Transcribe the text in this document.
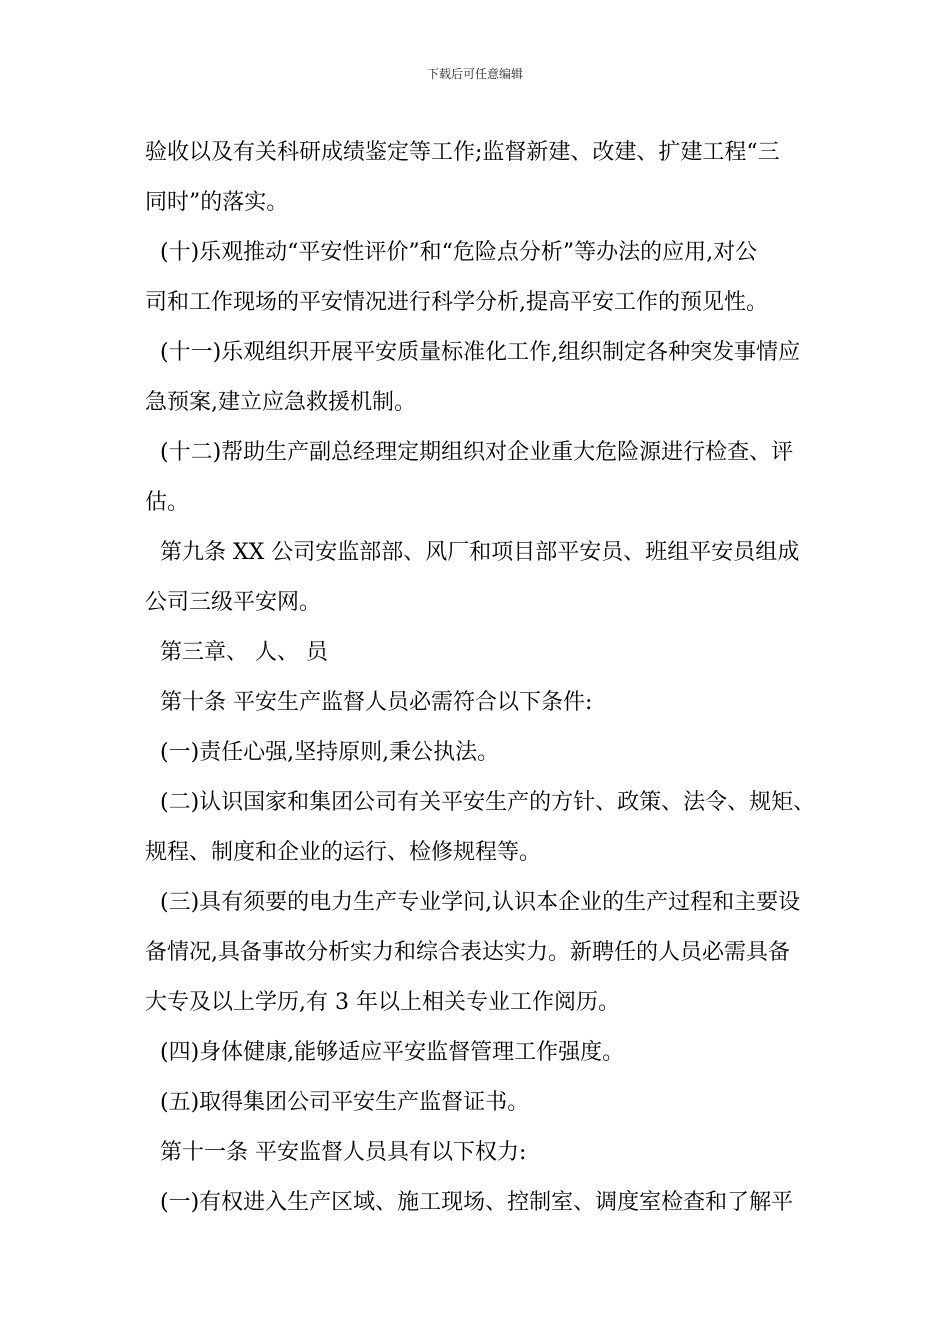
下载后可任意编辑
验收以及有关科研成绩鉴定等工作;监督新建、改建、扩建工程“三
同时”的落实。
(十)乐观推动“平安性评价”和“危险点分析”等办法的应用,对公
司和工作现场的平安情况进行科学分析,提高平安工作的预见性。
(十一)乐观组织开展平安质量标准化工作,组织制定各种突发事情应
急预案,建立应急救援机制。
(十二)帮助生产副总经理定期组织对企业重大危险源进行检查、评
估。
第九条 XX 公司安监部部、风厂和项目部平安员、班组平安员组成
公司三级平安网。
第三章、 人、 员
第十条 平安生产监督人员必需符合以下条件:
(一)责任心强,坚持原则,秉公执法。
(二)认识国家和集团公司有关平安生产的方针、政策、法令、规矩、
规程、制度和企业的运行、检修规程等。
(三)具有须要的电力生产专业学问,认识本企业的生产过程和主要设
备情况,具备事故分析实力和综合表达实力。新聘任的人员必需具备
大专及以上学历,有 3 年以上相关专业工作阅历。
(四)身体健康,能够适应平安监督管理工作强度。
(五)取得集团公司平安生产监督证书。
第十一条 平安监督人员具有以下权力:
(一)有权进入生产区域、施工现场、控制室、调度室检查和了解平
